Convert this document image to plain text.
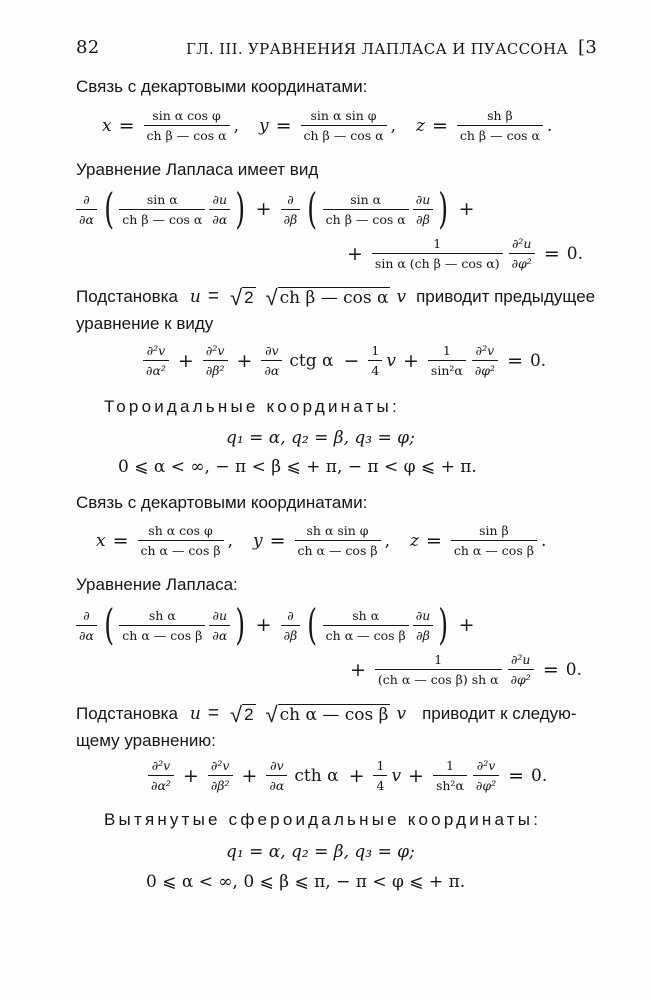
82	ГЛ. III. УРАВНЕНИЯ ЛАПЛАСА И ПУАССОНА [3
Связь с декартовыми координатами:
$x = \frac{\text{sin α cos φ}}{\text{ch β — cos α}}$ , $y = \frac{\text{sin α sin φ}}{\text{ch β — cos α}}$ , $z = \frac{\text{sh β}}{\text{ch β — cos α}}$ .
Уравнение Лапласа имеет вид
$\frac{\partial}{\partial\alpha}$ ( $\frac{\text{sin α}}{\text{ch β — cos α}} \frac{\partial u}{\partial\alpha}$
) + $\frac{\partial}{\partial\beta}$ ( $\frac{\text{sin α}}{\text{ch β — cos α}} \frac{\partial u}{\partial\beta}$
) +
+ $\frac{1}{\text{sin α (ch β — cos α)}} \frac{\text{∂²u}}{\text{∂φ²}} = 0$.
Подстановка u = √ 2 √ ch β — cos α v приводит предыдущее
уравнение к виду
$\frac{\text{∂²v}}{\text{∂α²}} + \frac{\text{∂²v}}{\text{∂β²}} + \frac{\partial v}{\partial\alpha}$ ctg $\alpha - \frac{1}{4}$ $v + \frac{1}{\text{sin²α}} \frac{\text{∂²v}}{\text{∂φ²}} = 0$.
Тороидальные координаты:
q₁ = α, q₂ = β, q₃ = φ;
0 ⩽ α < ∞, − π < β ⩽ + π, − π < φ ⩽ + π.
Связь с декартовыми координатами:
$x = \frac{\text{sh α cos φ}}{\text{ch α — cos β}}$ , $y = \frac{\text{sh α sin φ}}{\text{ch α — cos β}}$ , $z = \frac{\text{sin β}}{\text{ch α — cos β}}$ .
Уравнение Лапласа:
$\frac{\partial}{\partial\alpha}$ ( $\frac{\text{sh α}}{\text{ch α — cos β}} \frac{\partial u}{\partial\alpha}$
) + $\frac{\partial}{\partial\beta}$ ( $\frac{\text{sh α}}{\text{ch α — cos β}} \frac{\partial u}{\partial\beta}$
) +
+ $\frac{1}{\text{(ch α — cos β) sh α}} \frac{\text{∂²u}}{\text{∂φ²}} = 0$.
Подстановка u = √ 2 √ ch α — cos β v приводит к следую-
щему уравнению:
$\frac{\text{∂²v}}{\text{∂α²}} + \frac{\text{∂²v}}{\text{∂β²}} + \frac{\partial v}{\partial\alpha}$ cth $\alpha + \frac{1}{4}$ $v + \frac{1}{\text{sh²α}} \frac{\text{∂²v}}{\text{∂φ²}} = 0$.
Вытянутые сфероидальные координаты:
q₁ = α, q₂ = β, q₃ = φ;
0 ⩽ α < ∞, 0 ⩽ β ⩽ π, − π < φ ⩽ + π.
